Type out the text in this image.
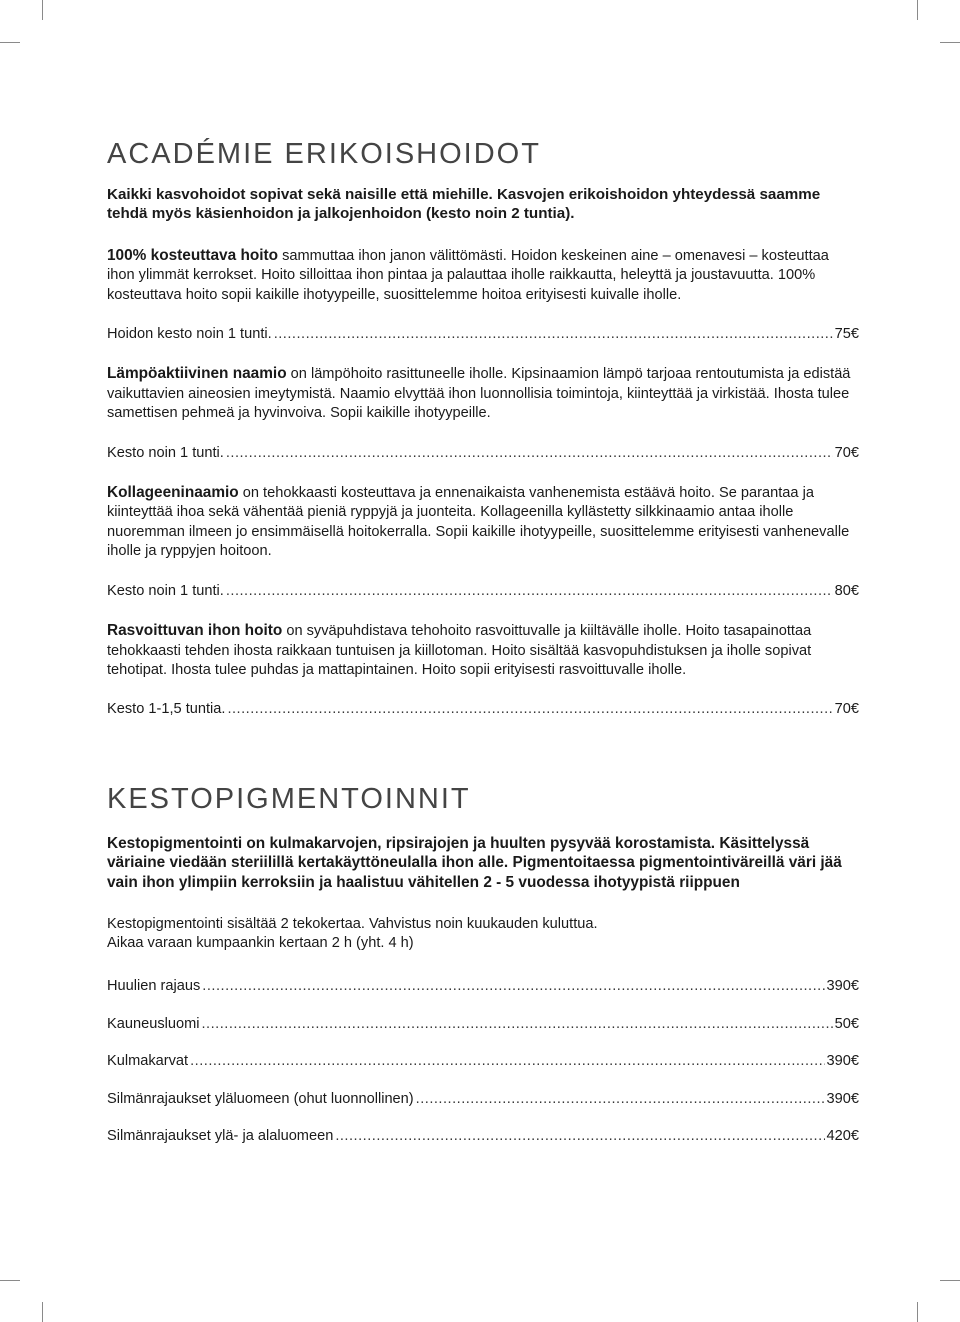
ACADÉMIE ERIKOISHOIDOT

Kaikki kasvohoidot sopivat sekä naisille että miehille. Kasvojen erikoishoidon yhteydessä saamme tehdä myös käsienhoidon ja jalkojenhoidon (kesto noin 2 tuntia).

100% kosteuttava hoito sammuttaa ihon janon välittömästi. Hoidon keskeinen aine – omenavesi – kosteuttaa ihon ylimmät kerrokset. Hoito silloittaa ihon pintaa ja palauttaa iholle raikkautta, heleyttä ja joustavuutta. 100% kosteuttava hoito sopii kaikille ihotyypeille, suosittelemme hoitoa erityisesti kuivalle iholle.

Hoidon kesto noin 1 tunti. .....	75€

Lämpöaktiivinen naamio on lämpöhoito rasittuneelle iholle. Kipsinaamion lämpö tarjoaa rentoutumista ja edistää vaikuttavien aineosien imeytymistä. Naamio elvyttää ihon luonnollisia toimintoja, kiinteyttää ja virkistää. Ihosta tulee samettisen pehmeä ja hyvinvoiva. Sopii kaikille ihotyypeille.

Kesto noin 1 tunti. .....	70€

Kollageeninaamio on tehokkaasti kosteuttava ja ennenaikaista vanhenemista estäävä hoito. Se parantaa ja kiinteyttää ihoa sekä vähentää pieniä ryppyjä ja juonteita. Kollageenilla kyllästetty silkkinaamio antaa iholle nuoremman ilmeen jo ensimmäisellä hoitokerralla. Sopii kaikille ihotyypeille, suosittelemme erityisesti vanhenevalle iholle ja ryppyjen hoitoon.

Kesto noin 1 tunti. .....	80€

Rasvoittuvan ihon hoito on syväpuhdistava tehohoito rasvoittuvalle ja kiiltävälle iholle. Hoito tasapainottaa tehokkaasti tehden ihosta raikkaan tuntuisen ja kiillotoman. Hoito sisältää kasvopuhdistuksen ja iholle sopivat tehotipat. Ihosta tulee puhdas ja mattapintainen. Hoito sopii erityisesti rasvoittuvalle iholle.

Kesto 1-1,5 tuntia. .....	70€
KESTOPIGMENTOINNIT

Kestopigmentointi on kulmakarvojen, ripsirajojen ja huulten pysyvää korostamista. Käsittelyssä väriaine viedään steriilillä kertakäyttöneulalla ihon alle. Pigmentoitaessa pigmentointiväreillä väri jää vain ihon ylimpiin kerroksiin ja haalistuu vähitellen 2 - 5 vuodessa ihotyypistä riippuen

Kestopigmentointi sisältää 2 tekokertaa. Vahvistus noin kuukauden kuluttua.

Aikaa varaan kumpaankin kertaan 2 h (yht. 4 h)

Huulien rajaus .....	390€
Kauneusluomi .....	50€
Kulmakarvat .....	390€
Silmänrajaukset yläluomeen (ohut luonnollinen) .....	390€
Silmänrajaukset ylä- ja alaluomeen .....	420€
